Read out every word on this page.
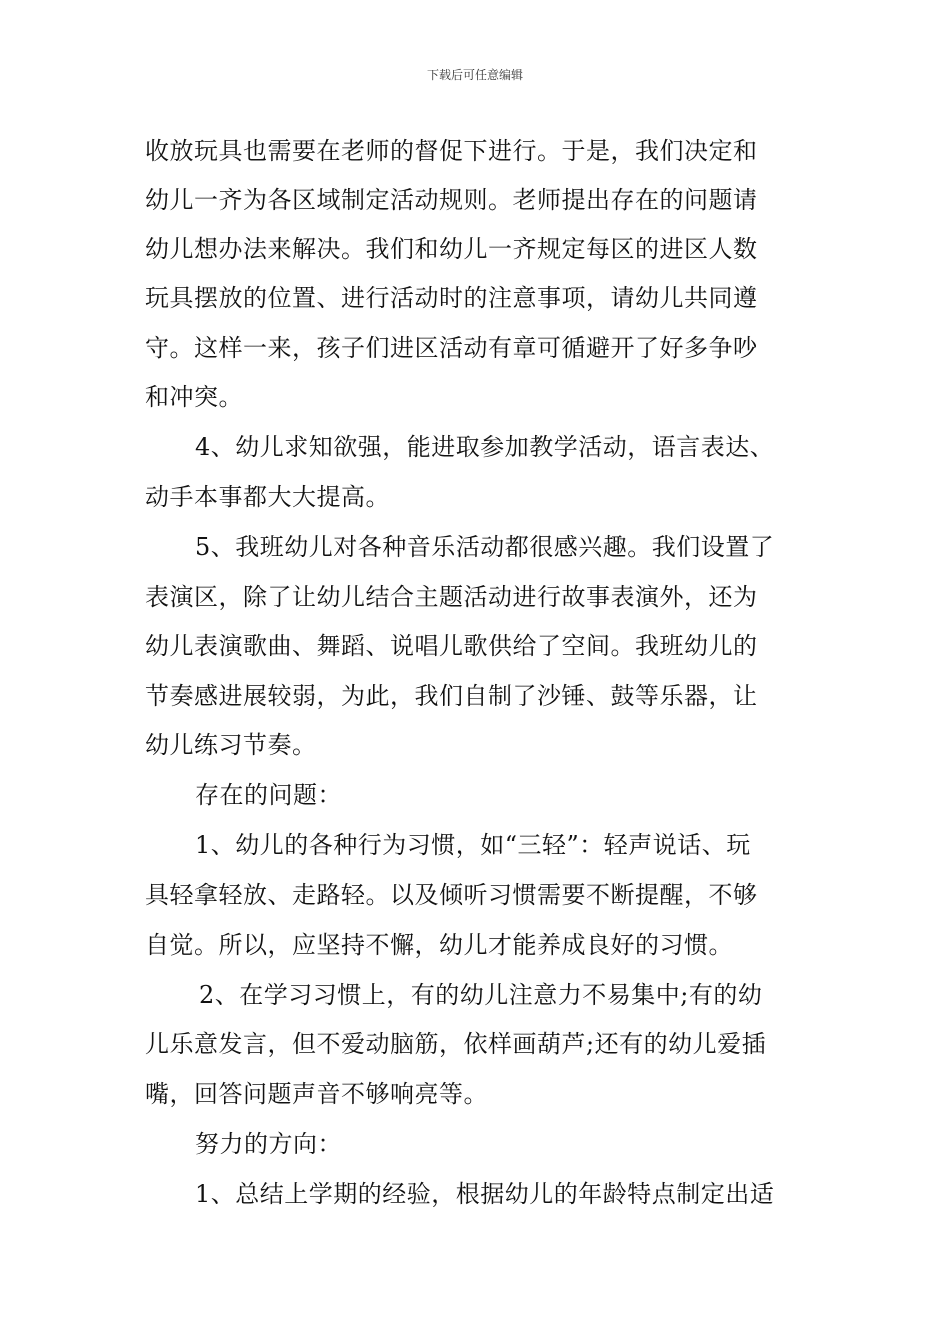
下载后可任意编辑
收放玩具也需要在老师的督促下进行。于是，我们决定和
幼儿一齐为各区域制定活动规则。老师提出存在的问题请
幼儿想办法来解决。我们和幼儿一齐规定每区的进区人数
玩具摆放的位置、进行活动时的注意事项，请幼儿共同遵
守。这样一来，孩子们进区活动有章可循避开了好多争吵
和冲突。
4、幼儿求知欲强，能进取参加教学活动，语言表达、
动手本事都大大提高。
5、我班幼儿对各种音乐活动都很感兴趣。我们设置了
表演区，除了让幼儿结合主题活动进行故事表演外，还为
幼儿表演歌曲、舞蹈、说唱儿歌供给了空间。我班幼儿的
节奏感进展较弱，为此，我们自制了沙锤、鼓等乐器，让
幼儿练习节奏。
存在的问题：
1、幼儿的各种行为习惯，如“三轻”：轻声说话、玩
具轻拿轻放、走路轻。以及倾听习惯需要不断提醒，不够
自觉。所以，应坚持不懈，幼儿才能养成良好的习惯。
2、在学习习惯上，有的幼儿注意力不易集中;有的幼
儿乐意发言，但不爱动脑筋，依样画葫芦;还有的幼儿爱插
嘴，回答问题声音不够响亮等。
努力的方向：
1、总结上学期的经验，根据幼儿的年龄特点制定出适
